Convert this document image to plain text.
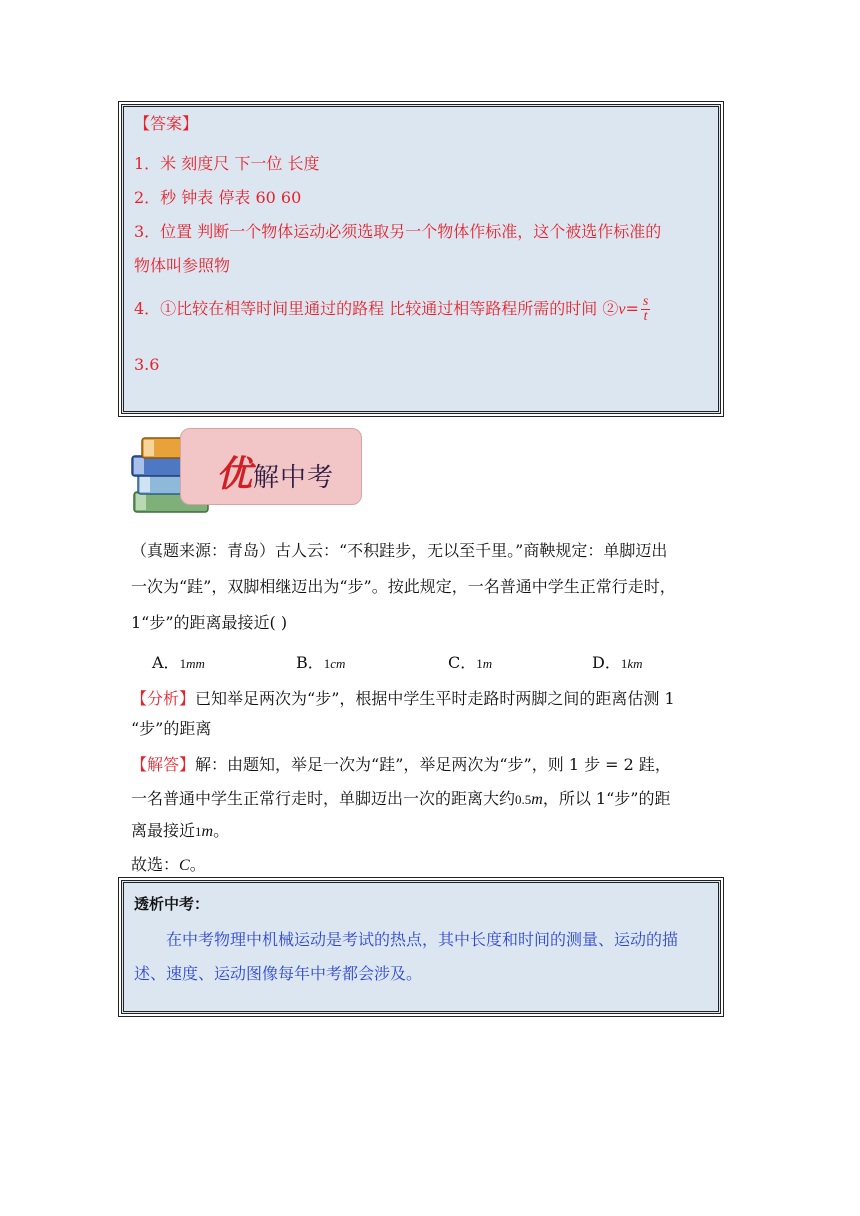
【答案】
1．米 刻度尺 下一位 长度
2．秒 钟表 停表 60 60
3．位置 判断一个物体运动必须选取另一个物体作标准，这个被选作标准的
物体叫参照物
4．①比较在相等时间里通过的路程 比较通过相等路程所需的时间 ②v= $\frac{s}{t}$
3.6
优解中考
（真题来源：青岛）古人云：“不积跬步，无以至千里。”商鞅规定：单脚迈出
一次为“跬”，双脚相继迈出为“步”。按此规定，一名普通中学生正常行走时，
1“步”的距离最接近( )
A．1mm	B．1cm	C．1m	D．1km
【分析】已知举足两次为“步”，根据中学生平时走路时两脚之间的距离估测 1
“步”的距离
【解答】解：由题知，举足一次为“跬”，举足两次为“步”，则 1 步 = 2 跬，
一名普通中学生正常行走时，单脚迈出一次的距离大约0.5m，所以 1“步”的距
离最接近1m。
故选：C。
透析中考：
在中考物理中机械运动是考试的热点，其中长度和时间的测量、运动的描
述、速度、运动图像每年中考都会涉及。
